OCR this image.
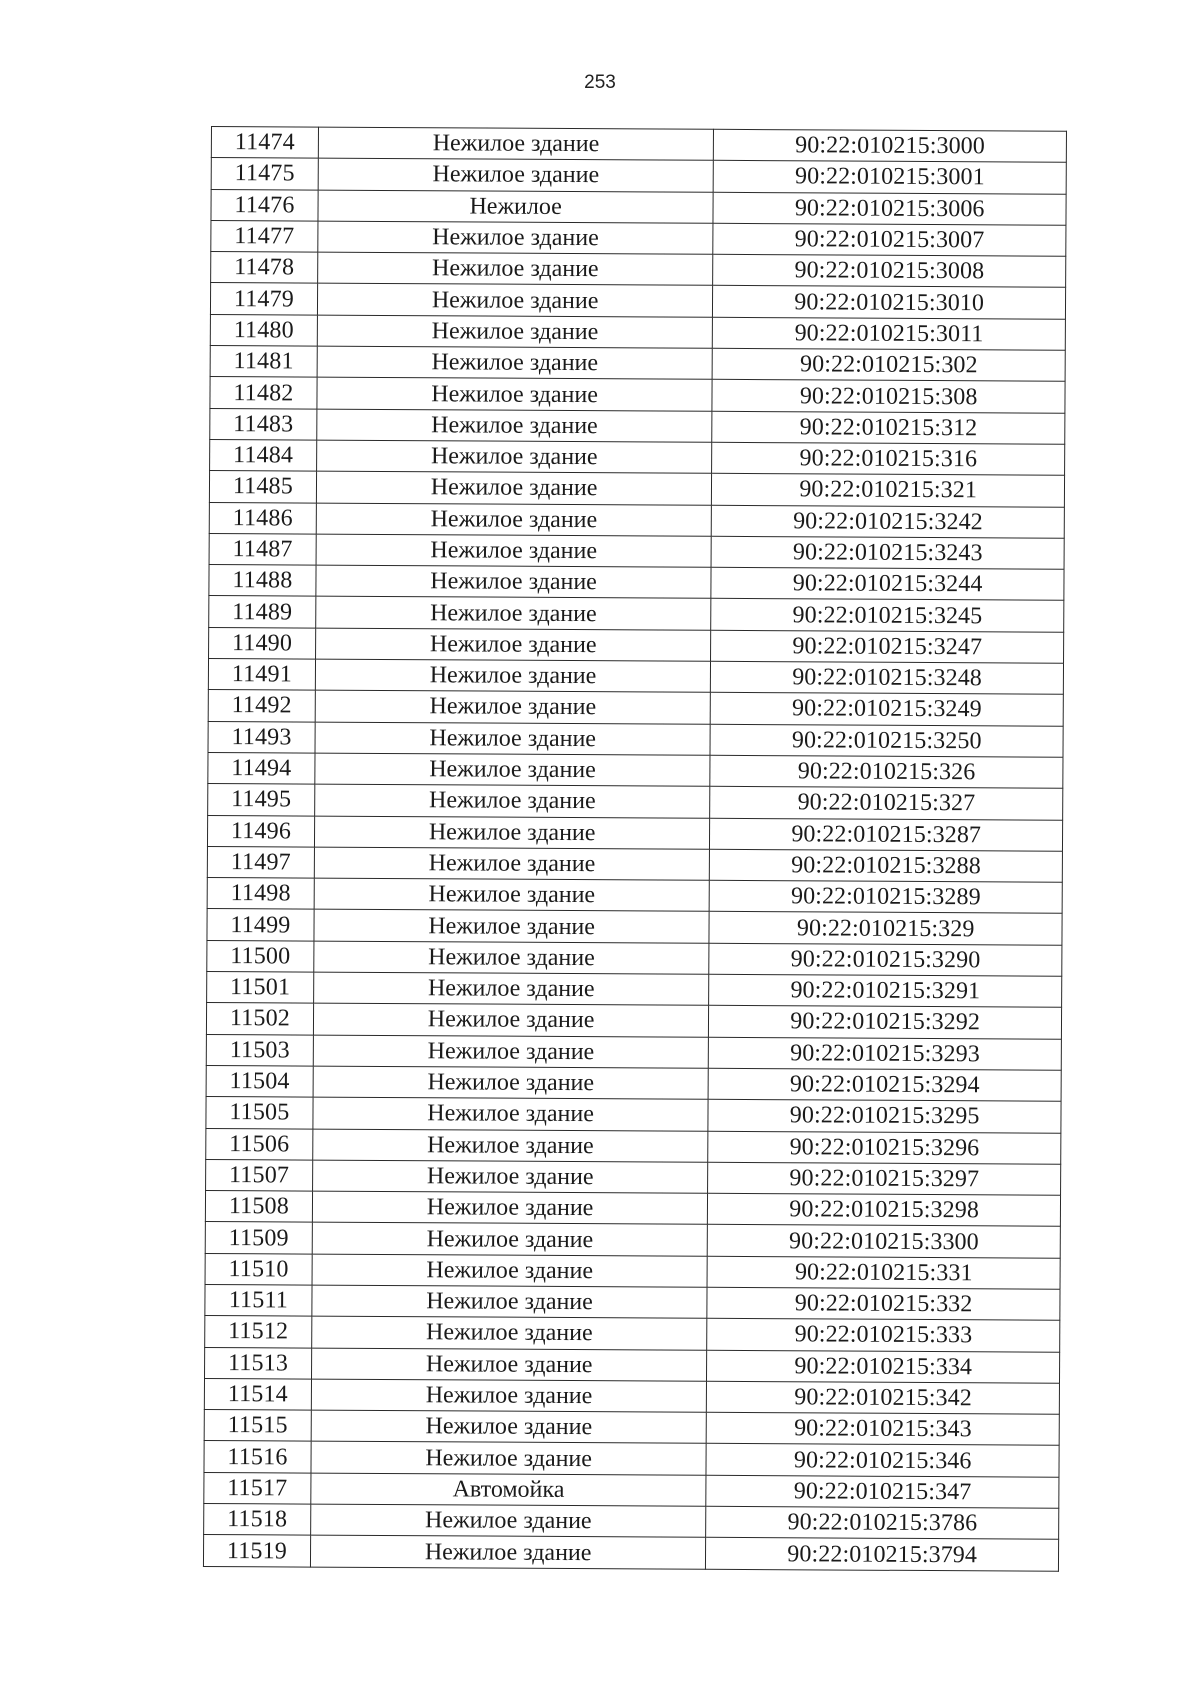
253
11474	Нежилое здание	90:22:010215:3000
11475	Нежилое здание	90:22:010215:3001
11476	Нежилое	90:22:010215:3006
11477	Нежилое здание	90:22:010215:3007
11478	Нежилое здание	90:22:010215:3008
11479	Нежилое здание	90:22:010215:3010
11480	Нежилое здание	90:22:010215:3011
11481	Нежилое здание	90:22:010215:302
11482	Нежилое здание	90:22:010215:308
11483	Нежилое здание	90:22:010215:312
11484	Нежилое здание	90:22:010215:316
11485	Нежилое здание	90:22:010215:321
11486	Нежилое здание	90:22:010215:3242
11487	Нежилое здание	90:22:010215:3243
11488	Нежилое здание	90:22:010215:3244
11489	Нежилое здание	90:22:010215:3245
11490	Нежилое здание	90:22:010215:3247
11491	Нежилое здание	90:22:010215:3248
11492	Нежилое здание	90:22:010215:3249
11493	Нежилое здание	90:22:010215:3250
11494	Нежилое здание	90:22:010215:326
11495	Нежилое здание	90:22:010215:327
11496	Нежилое здание	90:22:010215:3287
11497	Нежилое здание	90:22:010215:3288
11498	Нежилое здание	90:22:010215:3289
11499	Нежилое здание	90:22:010215:329
11500	Нежилое здание	90:22:010215:3290
11501	Нежилое здание	90:22:010215:3291
11502	Нежилое здание	90:22:010215:3292
11503	Нежилое здание	90:22:010215:3293
11504	Нежилое здание	90:22:010215:3294
11505	Нежилое здание	90:22:010215:3295
11506	Нежилое здание	90:22:010215:3296
11507	Нежилое здание	90:22:010215:3297
11508	Нежилое здание	90:22:010215:3298
11509	Нежилое здание	90:22:010215:3300
11510	Нежилое здание	90:22:010215:331
11511	Нежилое здание	90:22:010215:332
11512	Нежилое здание	90:22:010215:333
11513	Нежилое здание	90:22:010215:334
11514	Нежилое здание	90:22:010215:342
11515	Нежилое здание	90:22:010215:343
11516	Нежилое здание	90:22:010215:346
11517	Автомойка	90:22:010215:347
11518	Нежилое здание	90:22:010215:3786
11519	Нежилое здание	90:22:010215:3794
